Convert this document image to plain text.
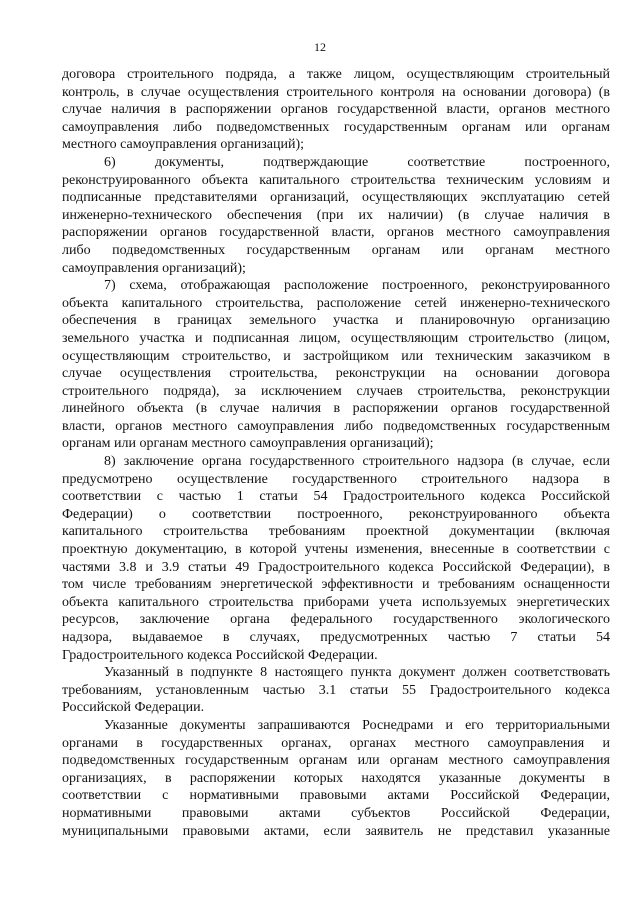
12

договора строительного подряда, а также лицом, осуществляющим строительный

контроль, в случае осуществления строительного контроля на основании договора) (в

случае наличия в распоряжении органов государственной власти, органов местного

самоуправления либо подведомственных государственным органам или органам

местного самоуправления организаций);

6) документы, подтверждающие соответствие построенного,

реконструированного объекта капитального строительства техническим условиям и

подписанные представителями организаций, осуществляющих эксплуатацию сетей

инженерно-технического обеспечения (при их наличии) (в случае наличия в

распоряжении органов государственной власти, органов местного самоуправления

либо подведомственных государственным органам или органам местного

самоуправления организаций);

7) схема, отображающая расположение построенного, реконструированного

объекта капитального строительства, расположение сетей инженерно-технического

обеспечения в границах земельного участка и планировочную организацию

земельного участка и подписанная лицом, осуществляющим строительство (лицом,

осуществляющим строительство, и застройщиком или техническим заказчиком в

случае осуществления строительства, реконструкции на основании договора

строительного подряда), за исключением случаев строительства, реконструкции

линейного объекта (в случае наличия в распоряжении органов государственной

власти, органов местного самоуправления либо подведомственных государственным

органам или органам местного самоуправления организаций);

8) заключение органа государственного строительного надзора (в случае, если

предусмотрено осуществление государственного строительного надзора в

соответствии с частью 1 статьи 54 Градостроительного кодекса Российской

Федерации) о соответствии построенного, реконструированного объекта

капитального строительства требованиям проектной документации (включая

проектную документацию, в которой учтены изменения, внесенные в соответствии с

частями 3.8 и 3.9 статьи 49 Градостроительного кодекса Российской Федерации), в

том числе требованиям энергетической эффективности и требованиям оснащенности

объекта капитального строительства приборами учета используемых энергетических

ресурсов, заключение органа федерального государственного экологического

надзора, выдаваемое в случаях, предусмотренных частью 7 статьи 54

Градостроительного кодекса Российской Федерации.

Указанный в подпункте 8 настоящего пункта документ должен соответствовать

требованиям, установленным частью 3.1 статьи 55 Градостроительного кодекса

Российской Федерации.

Указанные документы запрашиваются Роснедрами и его территориальными

органами в государственных органах, органах местного самоуправления и

подведомственных государственным органам или органам местного самоуправления

организациях, в распоряжении которых находятся указанные документы в

соответствии с нормативными правовыми актами Российской Федерации,

нормативными правовыми актами субъектов Российской Федерации,

муниципальными правовыми актами, если заявитель не представил указанные
